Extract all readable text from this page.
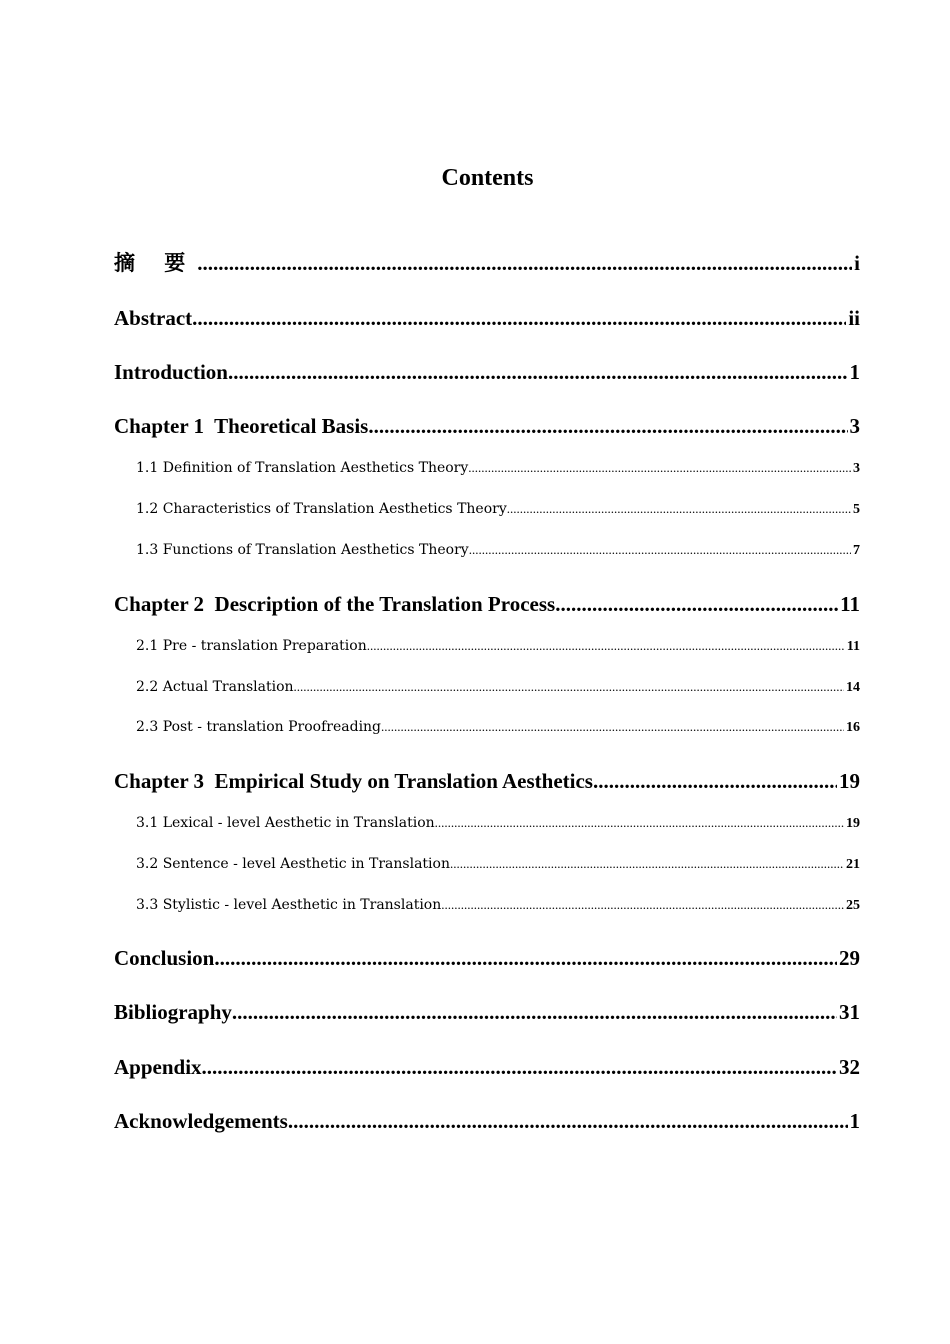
Contents
摘 要 .....	i
Abstract .....	ii
Introduction .....	1
Chapter 1  Theoretical Basis .....	3
1.1 Definition of Translation Aesthetics Theory .....	3
1.2 Characteristics of Translation Aesthetics Theory .....	5
1.3 Functions of Translation Aesthetics Theory .....	7
Chapter 2  Description of the Translation Process .....	11
2.1 Pre - translation Preparation .....	11
2.2 Actual Translation .....	14
2.3 Post - translation Proofreading .....	16
Chapter 3  Empirical Study on Translation Aesthetics .....	19
3.1 Lexical - level Aesthetic in Translation .....	19
3.2 Sentence - level Aesthetic in Translation .....	21
3.3 Stylistic - level Aesthetic in Translation .....	25
Conclusion .....	29
Bibliography .....	31
Appendix .....	32
Acknowledgements .....	1
